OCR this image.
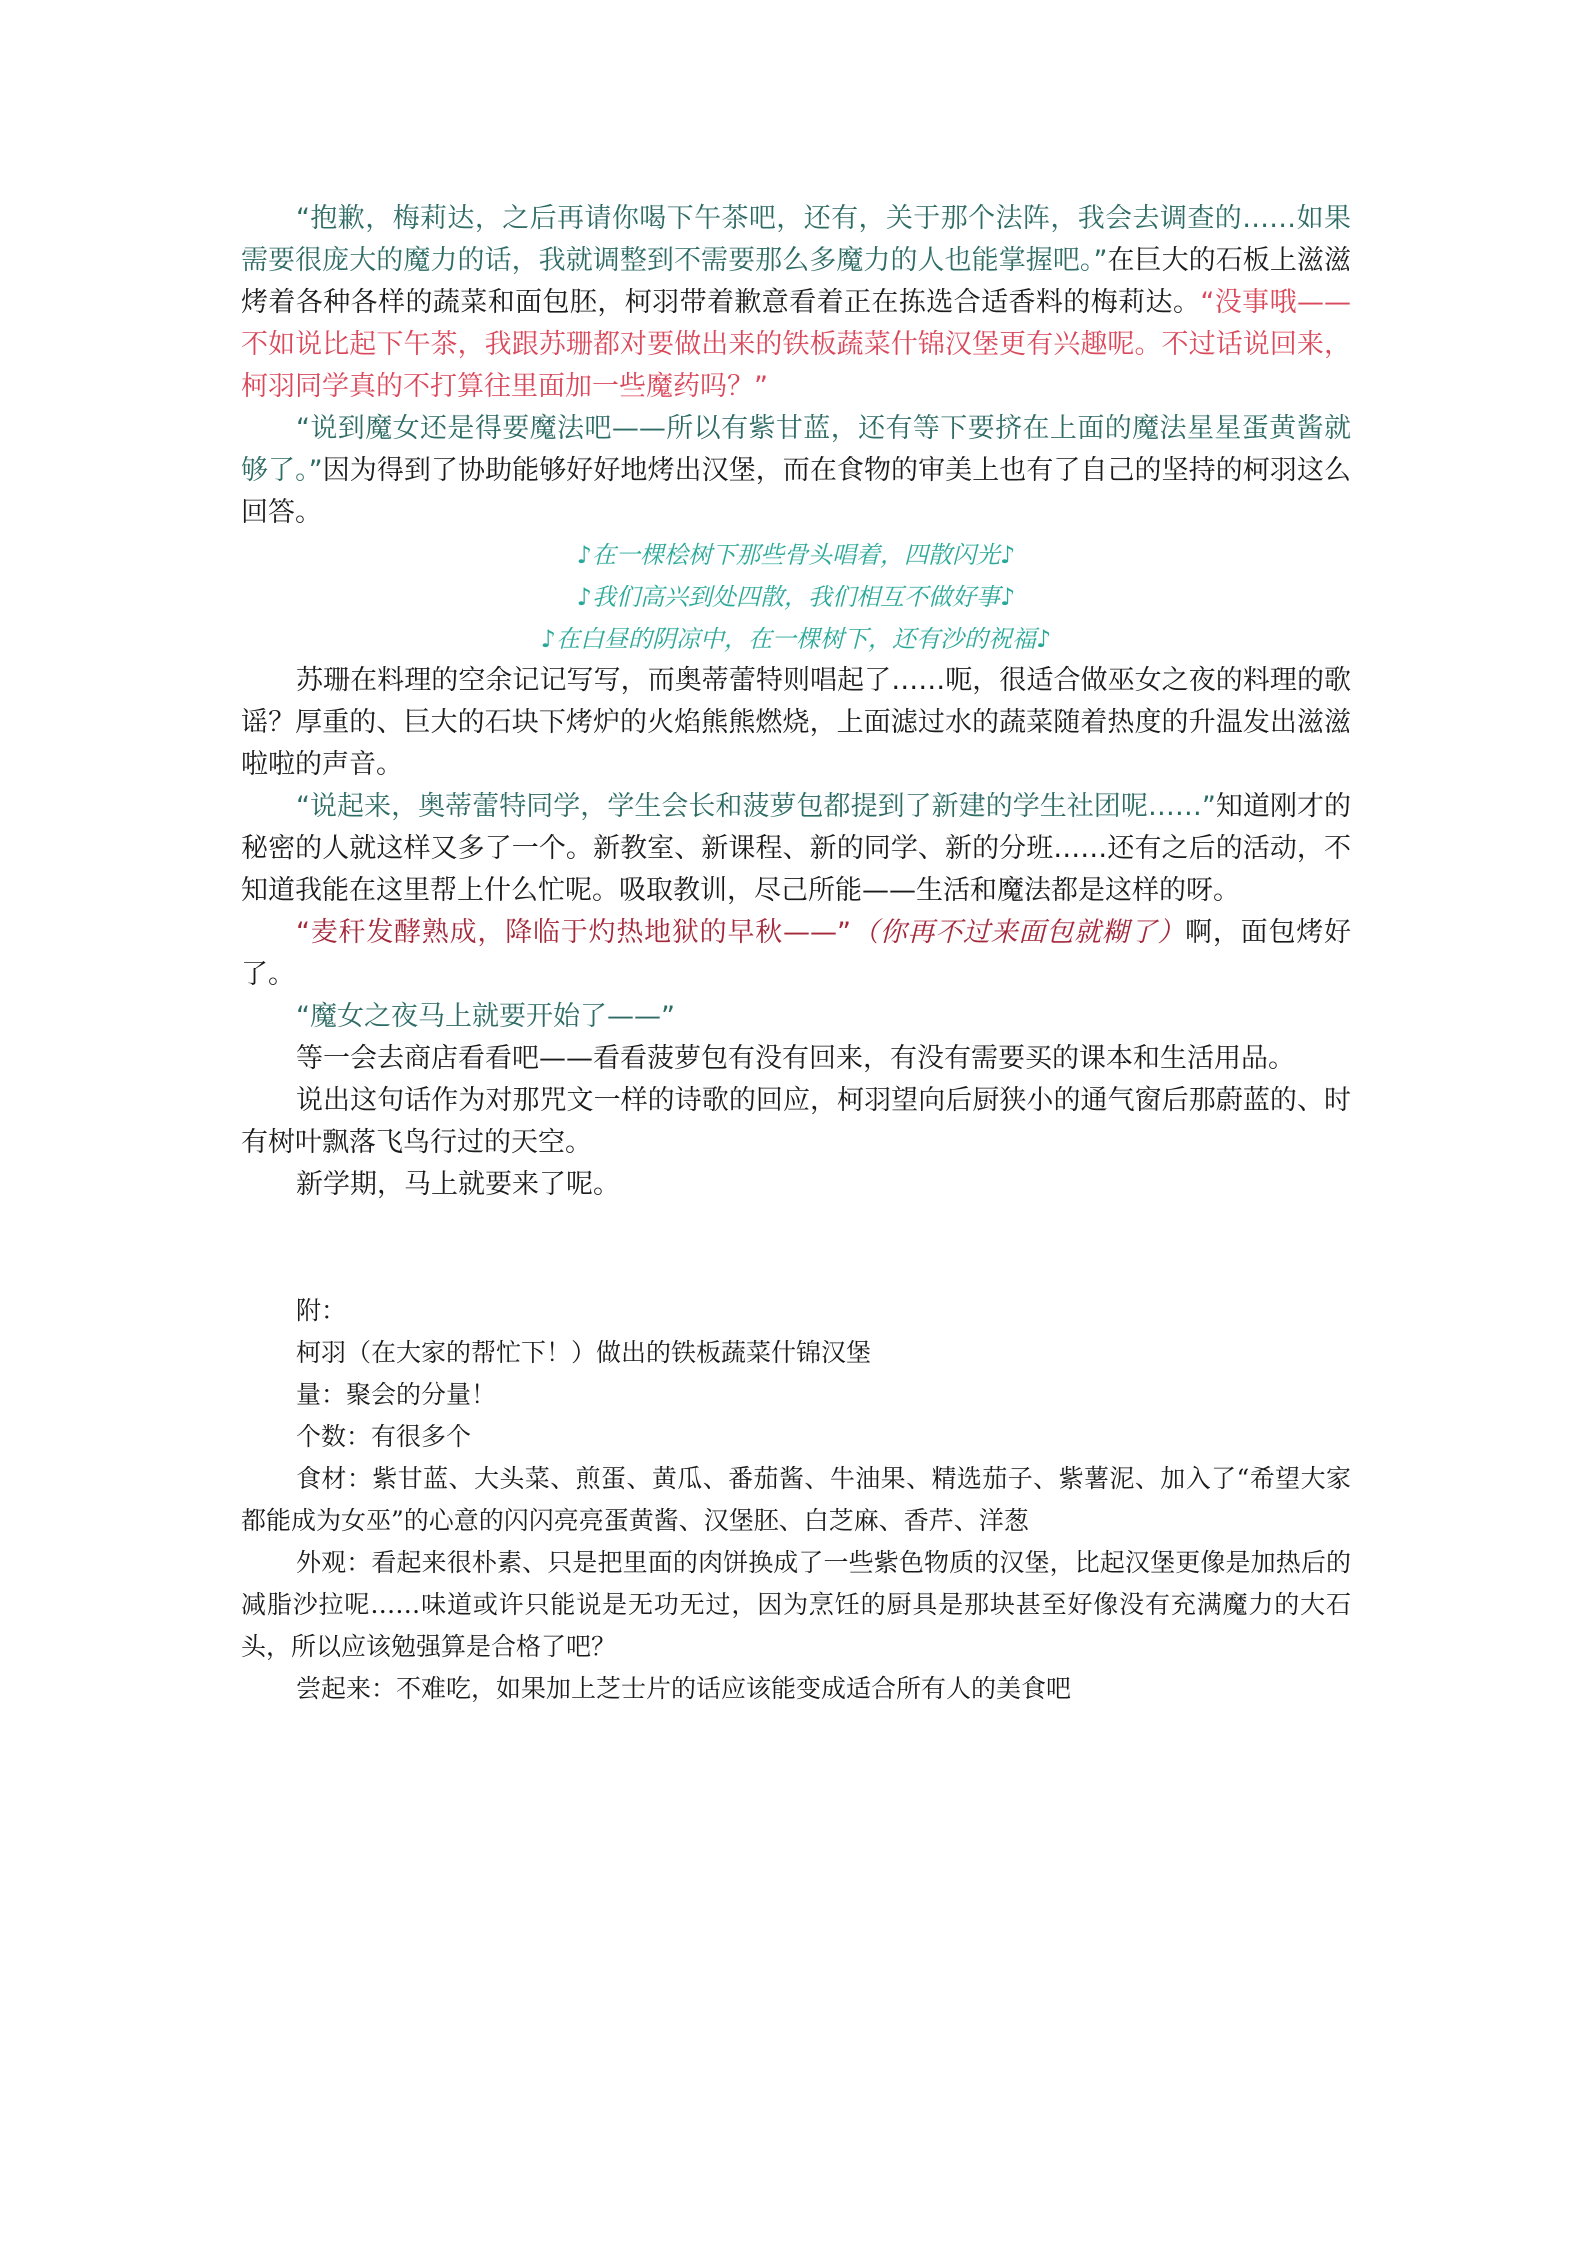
“抱歉，梅莉达，之后再请你喝下午茶吧，还有，关于那个法阵，我会去调查的……如果需要很庞大的魔力的话，我就调整到不需要那么多魔力的人也能掌握吧。”在巨大的石板上滋滋烤着各种各样的蔬菜和面包胚，柯羽带着歉意看着正在拣选合适香料的梅莉达。“没事哦——不如说比起下午茶，我跟苏珊都对要做出来的铁板蔬菜什锦汉堡更有兴趣呢。不过话说回来，柯羽同学真的不打算往里面加一些魔药吗？”

“说到魔女还是得要魔法吧——所以有紫甘蓝，还有等下要挤在上面的魔法星星蛋黄酱就够了。”因为得到了协助能够好好地烤出汉堡，而在食物的审美上也有了自己的坚持的柯羽这么回答。

♪在一棵桧树下那些骨头唱着，四散闪光♪

♪我们高兴到处四散，我们相互不做好事♪

♪在白昼的阴凉中，在一棵树下，还有沙的祝福♪

苏珊在料理的空余记记写写，而奥蒂蕾特则唱起了……呃，很适合做巫女之夜的料理的歌谣？厚重的、巨大的石块下烤炉的火焰熊熊燃烧，上面滤过水的蔬菜随着热度的升温发出滋滋啦啦的声音。

“说起来，奥蒂蕾特同学，学生会长和菠萝包都提到了新建的学生社团呢……”知道刚才的秘密的人就这样又多了一个。新教室、新课程、新的同学、新的分班……还有之后的活动，不知道我能在这里帮上什么忙呢。吸取教训，尽己所能——生活和魔法都是这样的呀。

“麦秆发酵熟成，降临于灼热地狱的早秋——”（你再不过来面包就糊了）啊，面包烤好了。

“魔女之夜马上就要开始了——”

等一会去商店看看吧——看看菠萝包有没有回来，有没有需要买的课本和生活用品。

说出这句话作为对那咒文一样的诗歌的回应，柯羽望向后厨狭小的通气窗后那蔚蓝的、时有树叶飘落飞鸟行过的天空。

新学期，马上就要来了呢。

附：

柯羽（在大家的帮忙下！）做出的铁板蔬菜什锦汉堡

量：聚会的分量！

个数：有很多个

食材：紫甘蓝、大头菜、煎蛋、黄瓜、番茄酱、牛油果、精选茄子、紫薯泥、加入了“希望大家都能成为女巫”的心意的闪闪亮亮蛋黄酱、汉堡胚、白芝麻、香芹、洋葱

外观：看起来很朴素、只是把里面的肉饼换成了一些紫色物质的汉堡，比起汉堡更像是加热后的减脂沙拉呢……味道或许只能说是无功无过，因为烹饪的厨具是那块甚至好像没有充满魔力的大石头，所以应该勉强算是合格了吧？

尝起来：不难吃，如果加上芝士片的话应该能变成适合所有人的美食吧
